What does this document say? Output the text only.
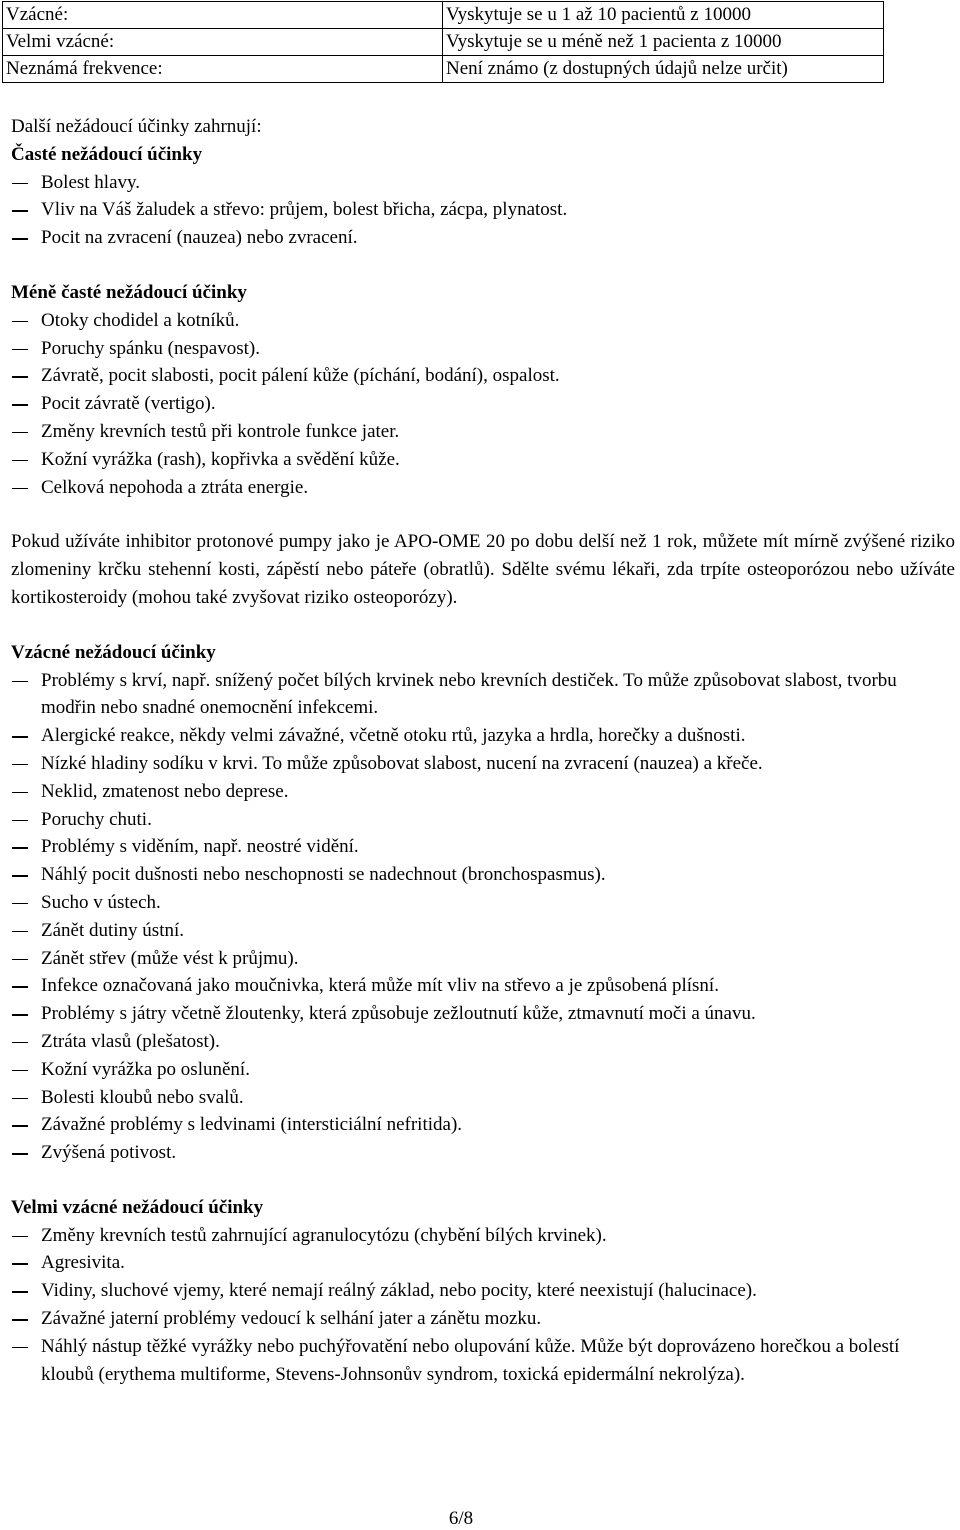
Vzácné:	Vyskytuje se u 1 až 10 pacientů z 10000
Velmi vzácné:	Vyskytuje se u méně než 1 pacienta z 10000
Neznámá frekvence:	Není známo (z dostupných údajů nelze určit)
Další nežádoucí účinky zahrnují:
Časté nežádoucí účinky
Bolest hlavy.
Vliv na Váš žaludek a střevo: průjem, bolest břicha, zácpa, plynatost.
Pocit na zvracení (nauzea) nebo zvracení.
Méně časté nežádoucí účinky
Otoky chodidel a kotníků.
Poruchy spánku (nespavost).
Závratě, pocit slabosti, pocit pálení kůže (píchání, bodání), ospalost.
Pocit závratě (vertigo).
Změny krevních testů při kontrole funkce jater.
Kožní vyrážka (rash), kopřivka a svědění kůže.
Celková nepohoda a ztráta energie.

Pokud užíváte inhibitor protonové pumpy jako je APO-OME 20 po dobu delší než 1 rok, můžete mít mírně zvýšené riziko zlomeniny krčku stehenní kosti, zápěstí nebo páteře (obratlů). Sdělte svému lékaři, zda trpíte osteoporózou nebo užíváte kortikosteroidy (mohou také zvyšovat riziko osteoporózy).

Vzácné nežádoucí účinky
Problémy s krví, např. snížený počet bílých krvinek nebo krevních destiček. To může způsobovat slabost, tvorbu modřin nebo snadné onemocnění infekcemi.
Alergické reakce, někdy velmi závažné, včetně otoku rtů, jazyka a hrdla, horečky a dušnosti.
Nízké hladiny sodíku v krvi. To může způsobovat slabost, nucení na zvracení (nauzea) a křeče.
Neklid, zmatenost nebo deprese.
Poruchy chuti.
Problémy s viděním, např. neostré vidění.
Náhlý pocit dušnosti nebo neschopnosti se nadechnout (bronchospasmus).
Sucho v ústech.
Zánět dutiny ústní.
Zánět střev (může vést k průjmu).
Infekce označovaná jako moučnivka, která může mít vliv na střevo a je způsobená plísní.
Problémy s játry včetně žloutenky, která způsobuje zežloutnutí kůže, ztmavnutí moči a únavu.
Ztráta vlasů (plešatost).
Kožní vyrážka po oslunění.
Bolesti kloubů nebo svalů.
Závažné problémy s ledvinami (intersticiální nefritida).
Zvýšená potivost.
Velmi vzácné nežádoucí účinky
Změny krevních testů zahrnující agranulocytózu (chybění bílých krvinek).
Agresivita.
Vidiny, sluchové vjemy, které nemají reálný základ, nebo pocity, které neexistují (halucinace).
Závažné jaterní problémy vedoucí k selhání jater a zánětu mozku.
Náhlý nástup těžké vyrážky nebo puchýřovatění nebo olupování kůže. Může být doprovázeno horečkou a bolestí kloubů (erythema multiforme, Stevens-Johnsonův syndrom, toxická epidermální nekrolýza).
6/8
